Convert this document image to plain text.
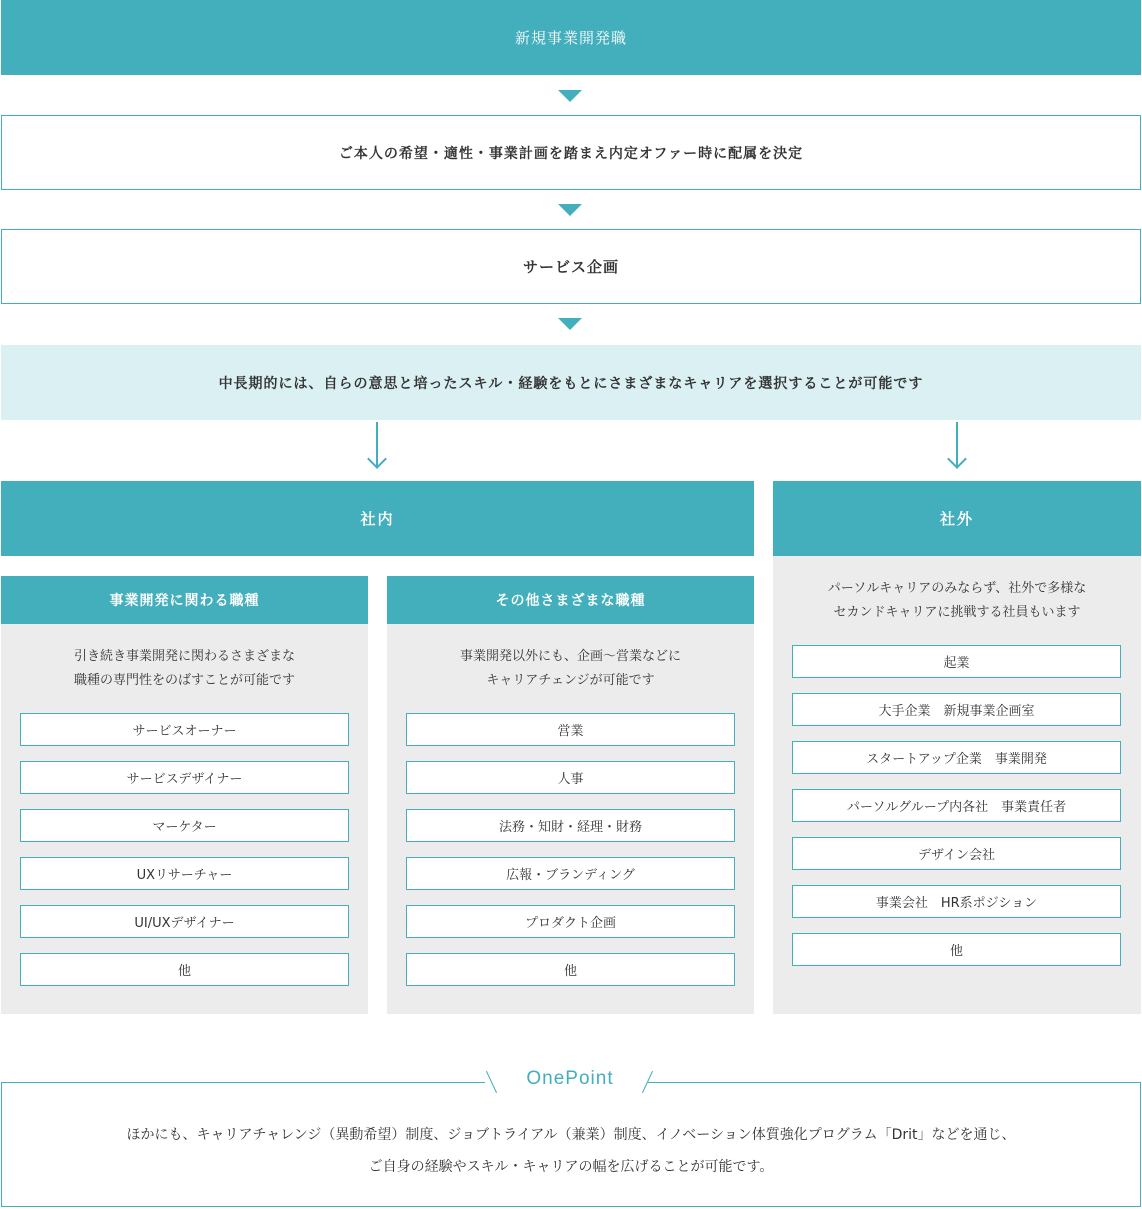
新規事業開発職
ご本人の希望・適性・事業計画を踏まえ内定オファー時に配属を決定
サービス企画
中長期的には、自らの意思と培ったスキル・経験をもとにさまざまなキャリアを選択することが可能です
社内	社外
事業開発に関わる職種
引き続き事業開発に関わるさまざまな
職種の専門性をのばすことが可能です
サービスオーナー
サービスデザイナー
マーケター
UXリサーチャー
UI/UXデザイナー
他
その他さまざまな職種
事業開発以外にも、企画〜営業などに
キャリアチェンジが可能です
営業
人事
法務・知財・経理・財務
広報・ブランディング
プロダクト企画
他
パーソルキャリアのみならず、社外で多様な
セカンドキャリアに挑戦する社員もいます
起業
大手企業　新規事業企画室
スタートアップ企業　事業開発
パーソルグループ内各社　事業責任者
デザイン会社
事業会社　HR系ポジション
他
OnePoint
ほかにも、キャリアチャレンジ（異動希望）制度、ジョブトライアル（兼業）制度、イノベーション体質強化プログラム「Drit」などを通じ、
ご自身の経験やスキル・キャリアの幅を広げることが可能です。
